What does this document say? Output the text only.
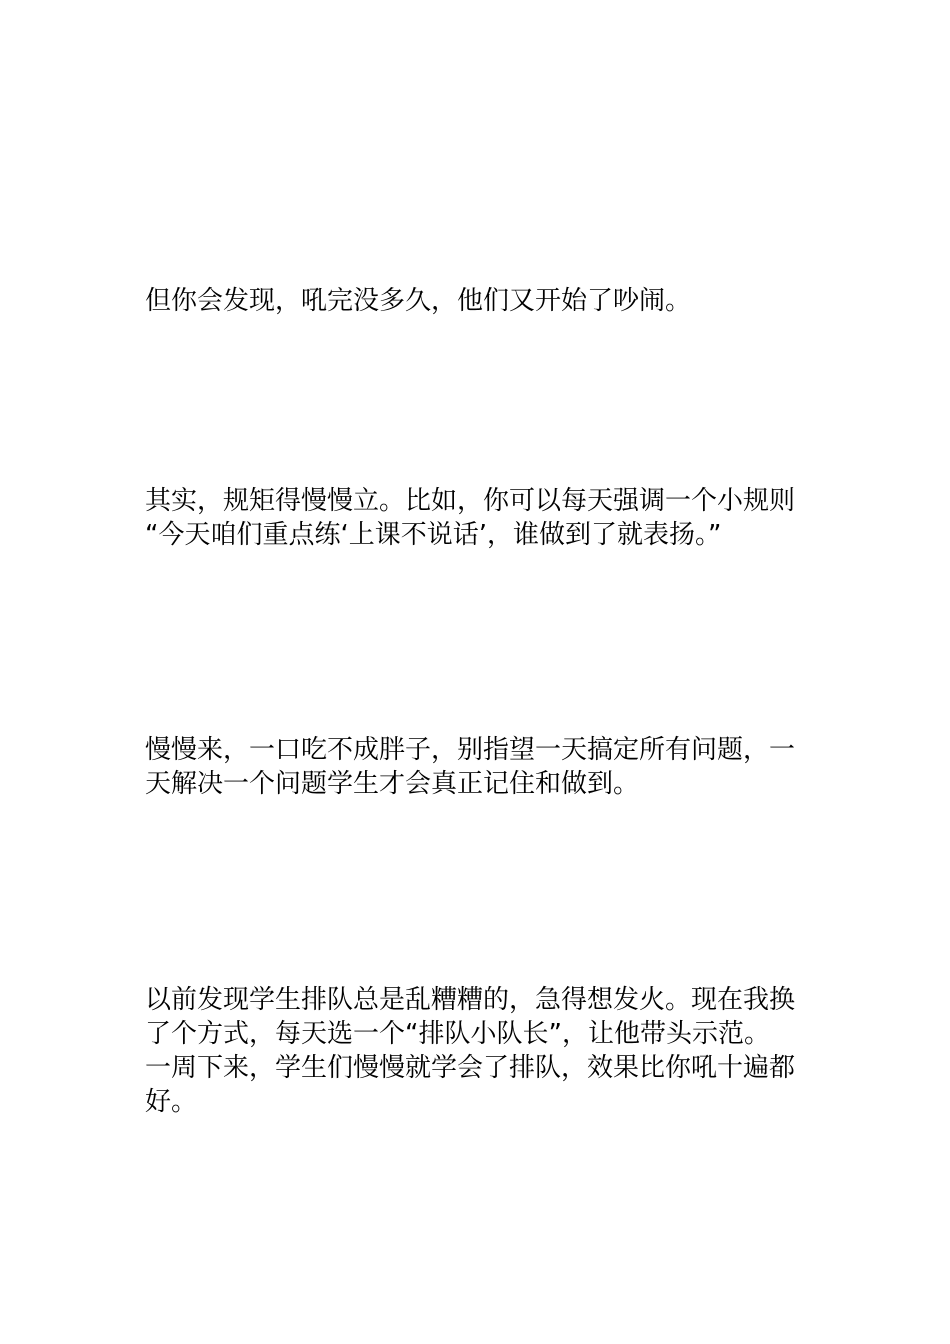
但你会发现，吼完没多久，他们又开始了吵闹。

其实，规矩得慢慢立。比如，你可以每天强调一个小规则
“今天咱们重点练‘上课不说话’，谁做到了就表扬。”

慢慢来，一口吃不成胖子，别指望一天搞定所有问题，一
天解决一个问题学生才会真正记住和做到。

以前发现学生排队总是乱糟糟的，急得想发火。现在我换
了个方式，每天选一个“排队小队长”，让他带头示范。
一周下来，学生们慢慢就学会了排队，效果比你吼十遍都
好。
